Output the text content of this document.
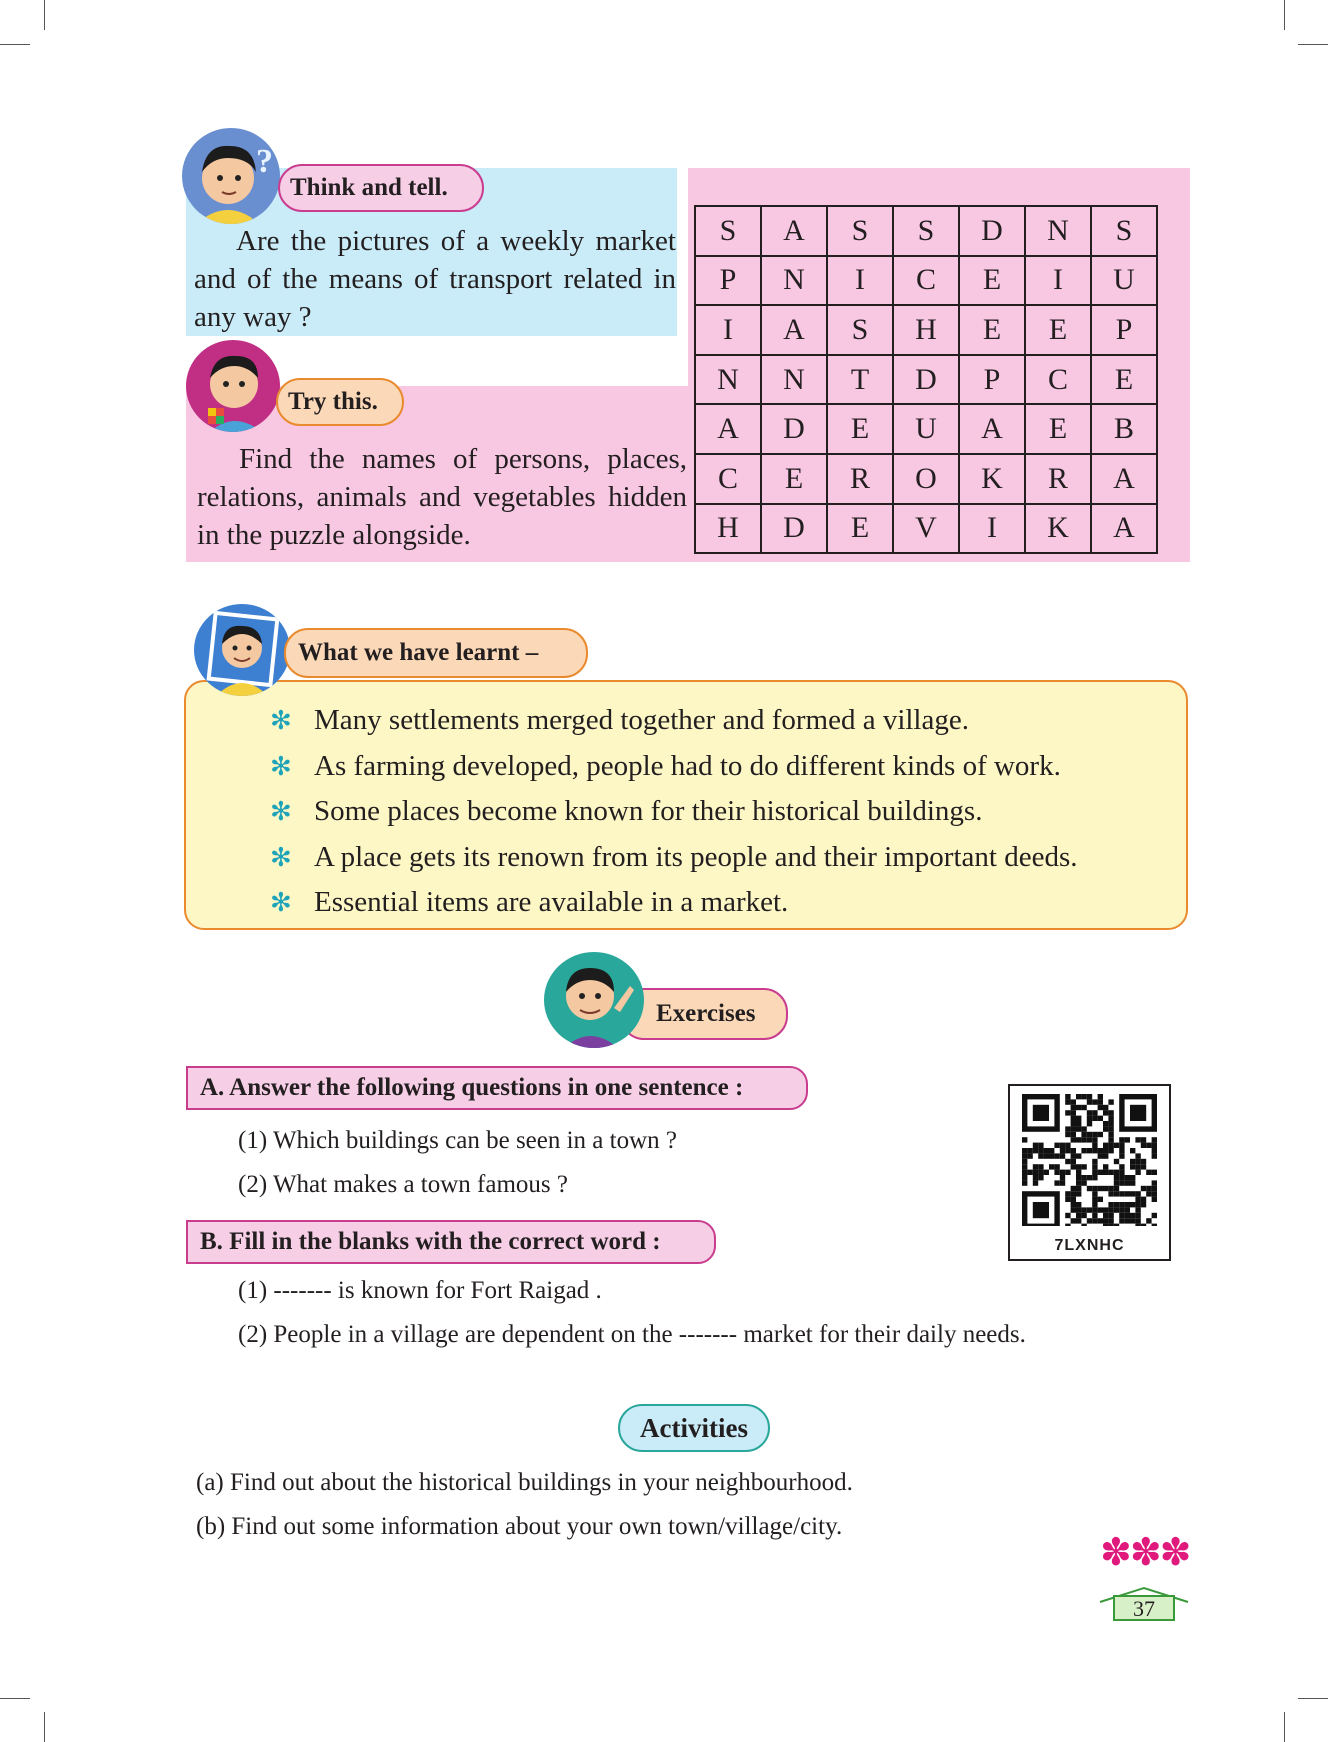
?
Think and tell.
Are the pictures of a weekly market and of the means of transport related in any way ?
Try this.
Find the names of persons, places, relations, animals and vegetables hidden in the puzzle alongside.
S	A	S	S	D	N	S
P	N	I	C	E	I	U
I	A	S	H	E	E	P
N	N	T	D	P	C	E
A	D	E	U	A	E	B
C	E	R	O	K	R	A
H	D	E	V	I	K	A
What we have learnt –
✻ Many settlements merged together and formed a village.
✻ As farming developed, people had to do different kinds of work.
✻ Some places become known for their historical buildings.
✻ A place gets its renown from its people and their important deeds.
✻ Essential items are available in a market.
Exercises
A. Answer the following questions in one sentence :
(1) Which buildings can be seen in a town ?
(2) What makes a town famous ?
B. Fill in the blanks with the correct word :
(1) ------- is known for Fort Raigad .
(2) People in a village are dependent on the ------- market for their daily needs.
7LXNHC
Activities
(a) Find out about the historical buildings in your neighbourhood.
(b) Find out some information about your own town/village/city.
✽✽✽
37
